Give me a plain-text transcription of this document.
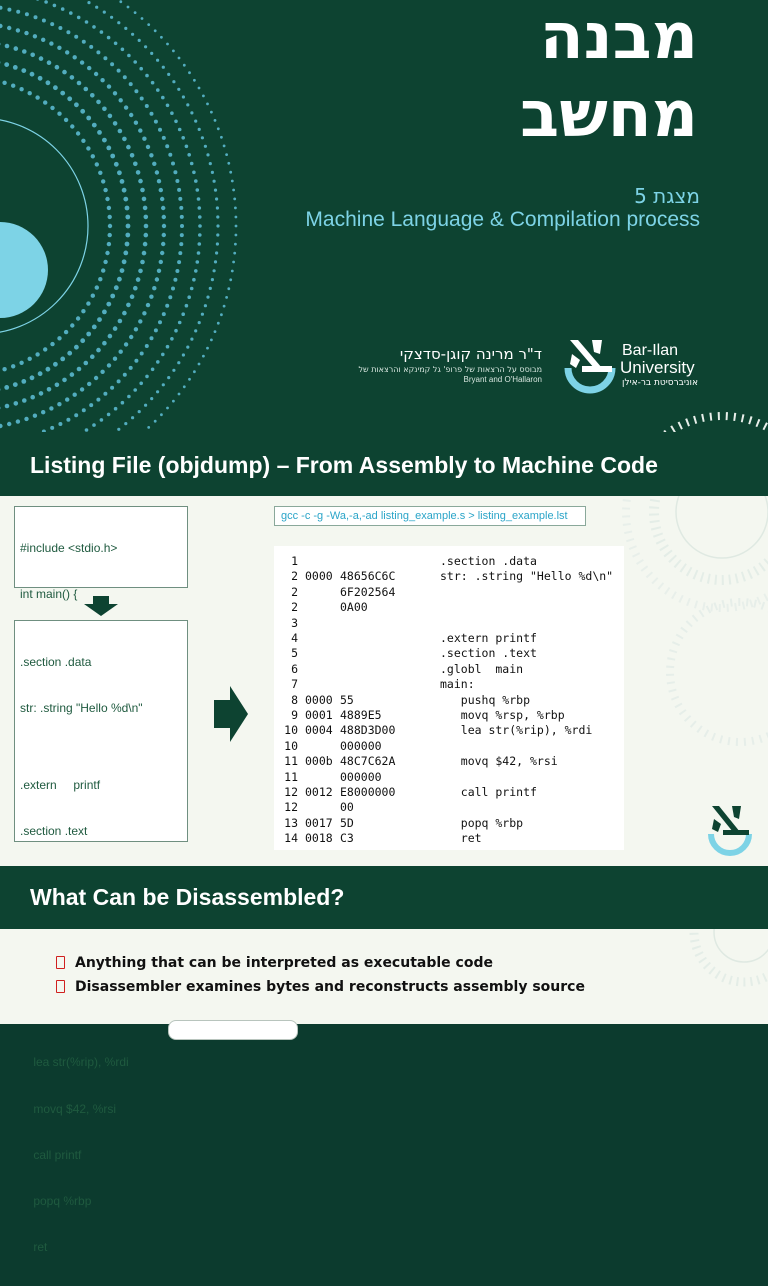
מבנה
מחשב
מצגת 5
Machine Language & Compilation process
ד"ר מרינה קוגן-סדצקי
מבוסס על הרצאות של פרופ' גל קמינקא והרצאות של
Bryant and O'Hallaron
Bar-Ilan
University
אוניברסיטת בר-אילן
Listing File (objdump) – From Assembly to Machine Code

#include <stdio.h>

int main() {

.section .data

str: .string "Hello %d\n"

.extern     printf

.section .text

lea str(%rip), %rdi

movq $42, %rsi

call printf

popq %rbp

ret

gcc -c -g -Wa,-a,-ad listing_example.s > listing_example.lst
1	.section .data
2 0000 48656C6C	str: .string "Hello %d\n"
2	6F202564
2	0A00
3
4	.extern printf
5	.section .text
6	.globl  main
7	main:
8 0000 55	pushq %rbp
9 0001 4889E5	movq %rsp, %rbp
10 0004 488D3D00	lea str(%rip), %rdi
10	000000
11 000b 48C7C62A	movq $42, %rsi
11	000000
12 0012 E8000000	call printf
12	00
13 0017 5D	popq %rbp
14 0018 C3	ret
What Can be Disassembled?
Anything that can be interpreted as executable code
Disassembler examines bytes and reconstructs assembly source
